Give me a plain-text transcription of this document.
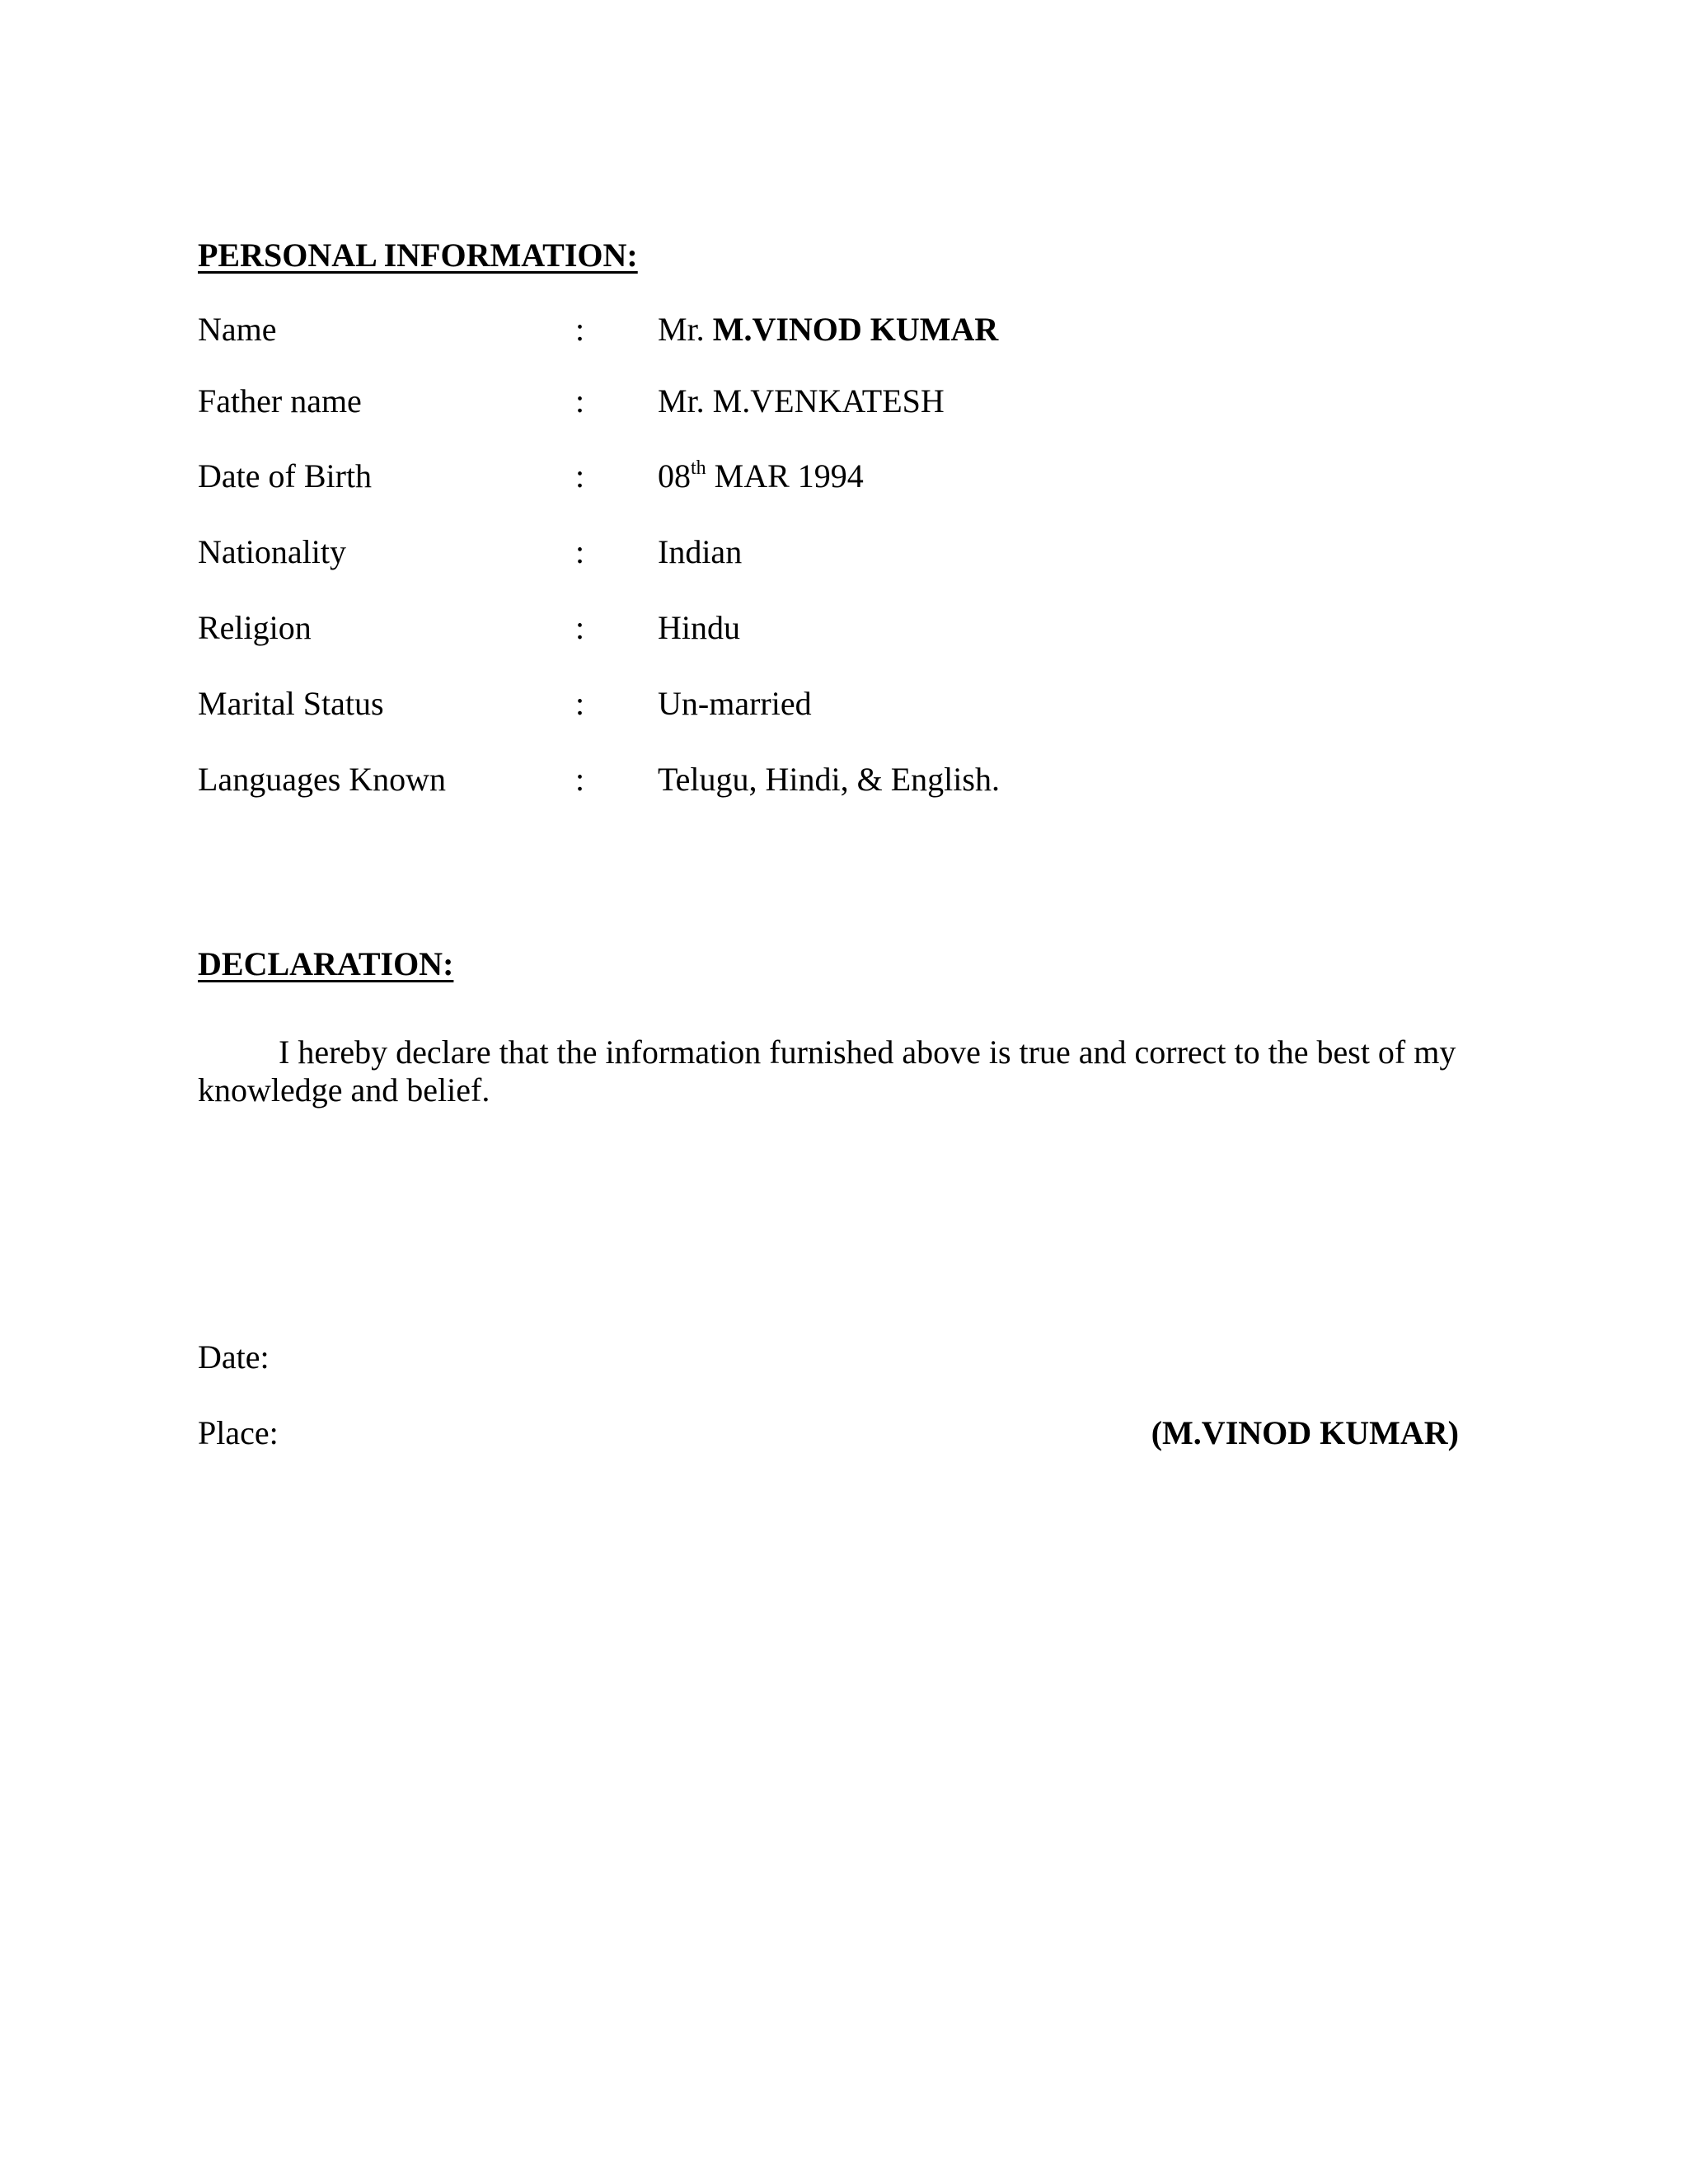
PERSONAL INFORMATION:
Name	: Mr. M.VINOD KUMAR
Father name	: Mr. M.VENKATESH
Date of Birth	: 08th MAR 1994
Nationality	: Indian
Religion	: Hindu
Marital Status	: Un-married
Languages Known	: Telugu, Hindi, & English.
DECLARATION:
I hereby declare that the information furnished above is true and correct to the best of my knowledge and belief.
Date:
Place:	(M.VINOD KUMAR)
